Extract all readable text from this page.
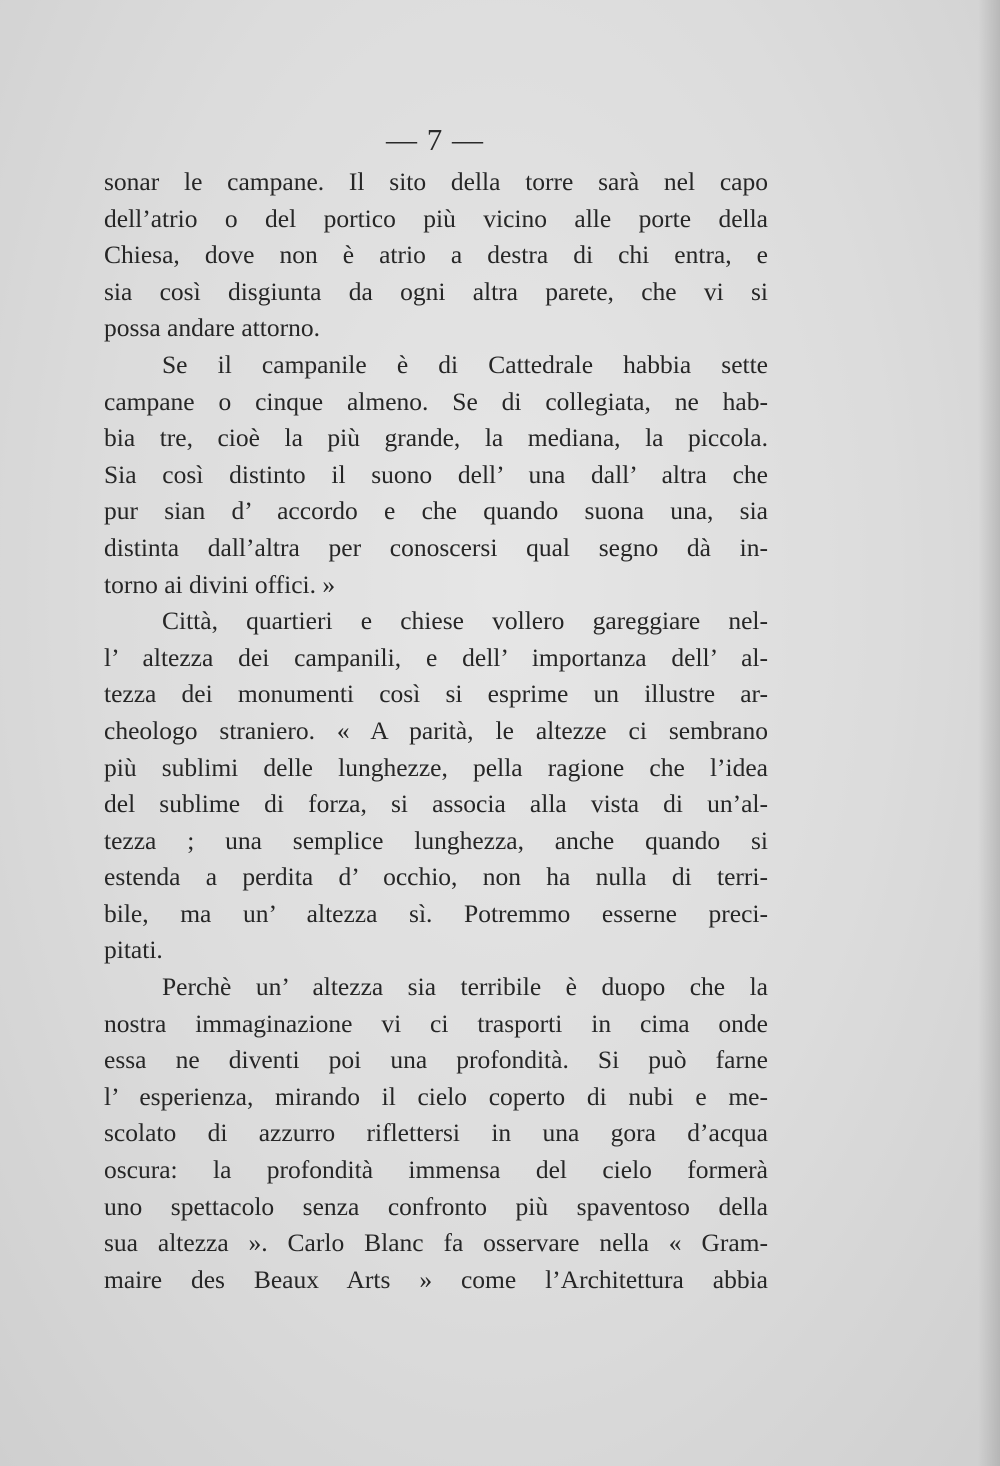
— 7 —
sonar le campane. Il sito della torre sarà nel capo
dell’atrio o del portico più vicino alle porte della
Chiesa, dove non è atrio a destra di chi entra, e
sia così disgiunta da ogni altra parete, che vi si
possa andare attorno.
Se il campanile è di Cattedrale habbia sette
campane o cinque almeno. Se di collegiata, ne hab-
bia tre, cioè la più grande, la mediana, la piccola.
Sia così distinto il suono dell’ una dall’ altra che
pur sian d’ accordo e che quando suona una, sia
distinta dall’altra per conoscersi qual segno dà in-
torno ai divini offici. »
Città, quartieri e chiese vollero gareggiare nel-
l’ altezza dei campanili, e dell’ importanza dell’ al-
tezza dei monumenti così si esprime un illustre ar-
cheologo straniero. « A parità, le altezze ci sembrano
più sublimi delle lunghezze, pella ragione che l’idea
del sublime di forza, si associa alla vista di un’al-
tezza ; una semplice lunghezza, anche quando si
estenda a perdita d’ occhio, non ha nulla di terri-
bile, ma un’ altezza sì. Potremmo esserne preci-
pitati.
Perchè un’ altezza sia terribile è duopo che la
nostra immaginazione vi ci trasporti in cima onde
essa ne diventi poi una profondità. Si può farne
l’ esperienza, mirando il cielo coperto di nubi e me-
scolato di azzurro riflettersi in una gora d’acqua
oscura: la profondità immensa del cielo formerà
uno spettacolo senza confronto più spaventoso della
sua altezza ». Carlo Blanc fa osservare nella « Gram-
maire des Beaux Arts » come l’Architettura abbia
